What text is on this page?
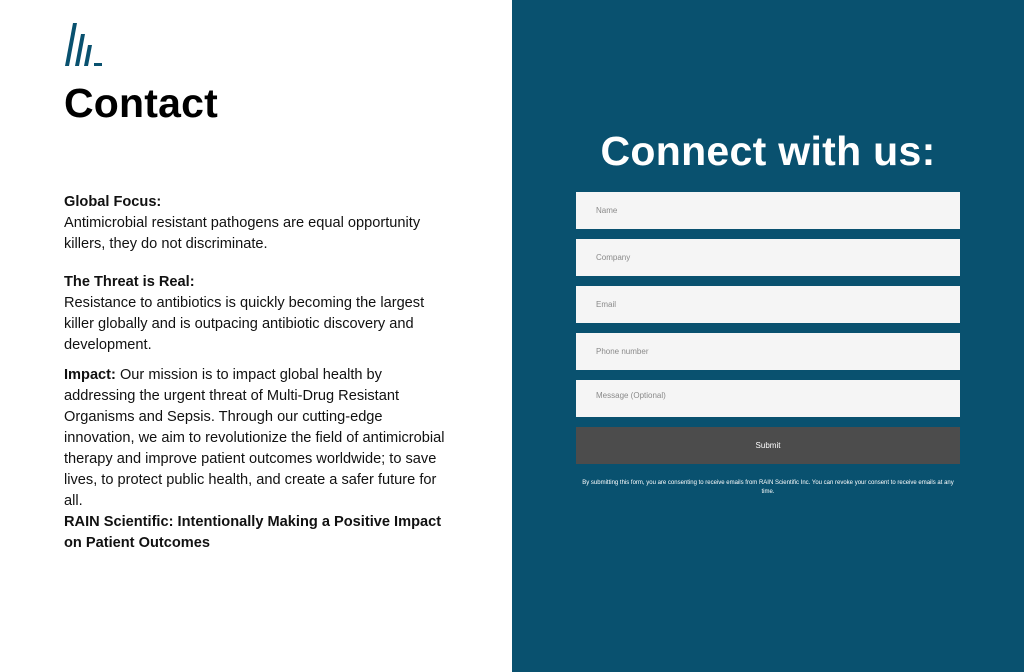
Contact

Global Focus:

Antimicrobial resistant pathogens are equal opportunity killers, they do not discriminate.

The Threat is Real:

Resistance to antibiotics is quickly becoming the largest killer globally and is outpacing antibiotic discovery and development.

Impact: Our mission is to impact global health by addressing the urgent threat of Multi-Drug Resistant Organisms and Sepsis. Through our cutting-edge innovation, we aim to revolutionize the field of antimicrobial therapy and improve patient outcomes worldwide; to save lives, to protect public health, and create a safer future for all.

RAIN Scientific: Intentionally Making a Positive Impact on Patient Outcomes

Connect with us:
Name
Company
Email
Phone number
Message (Optional)
Submit

By submitting this form, you are consenting to receive emails from RAIN Scientific Inc. You can revoke your consent to receive emails at any time.
